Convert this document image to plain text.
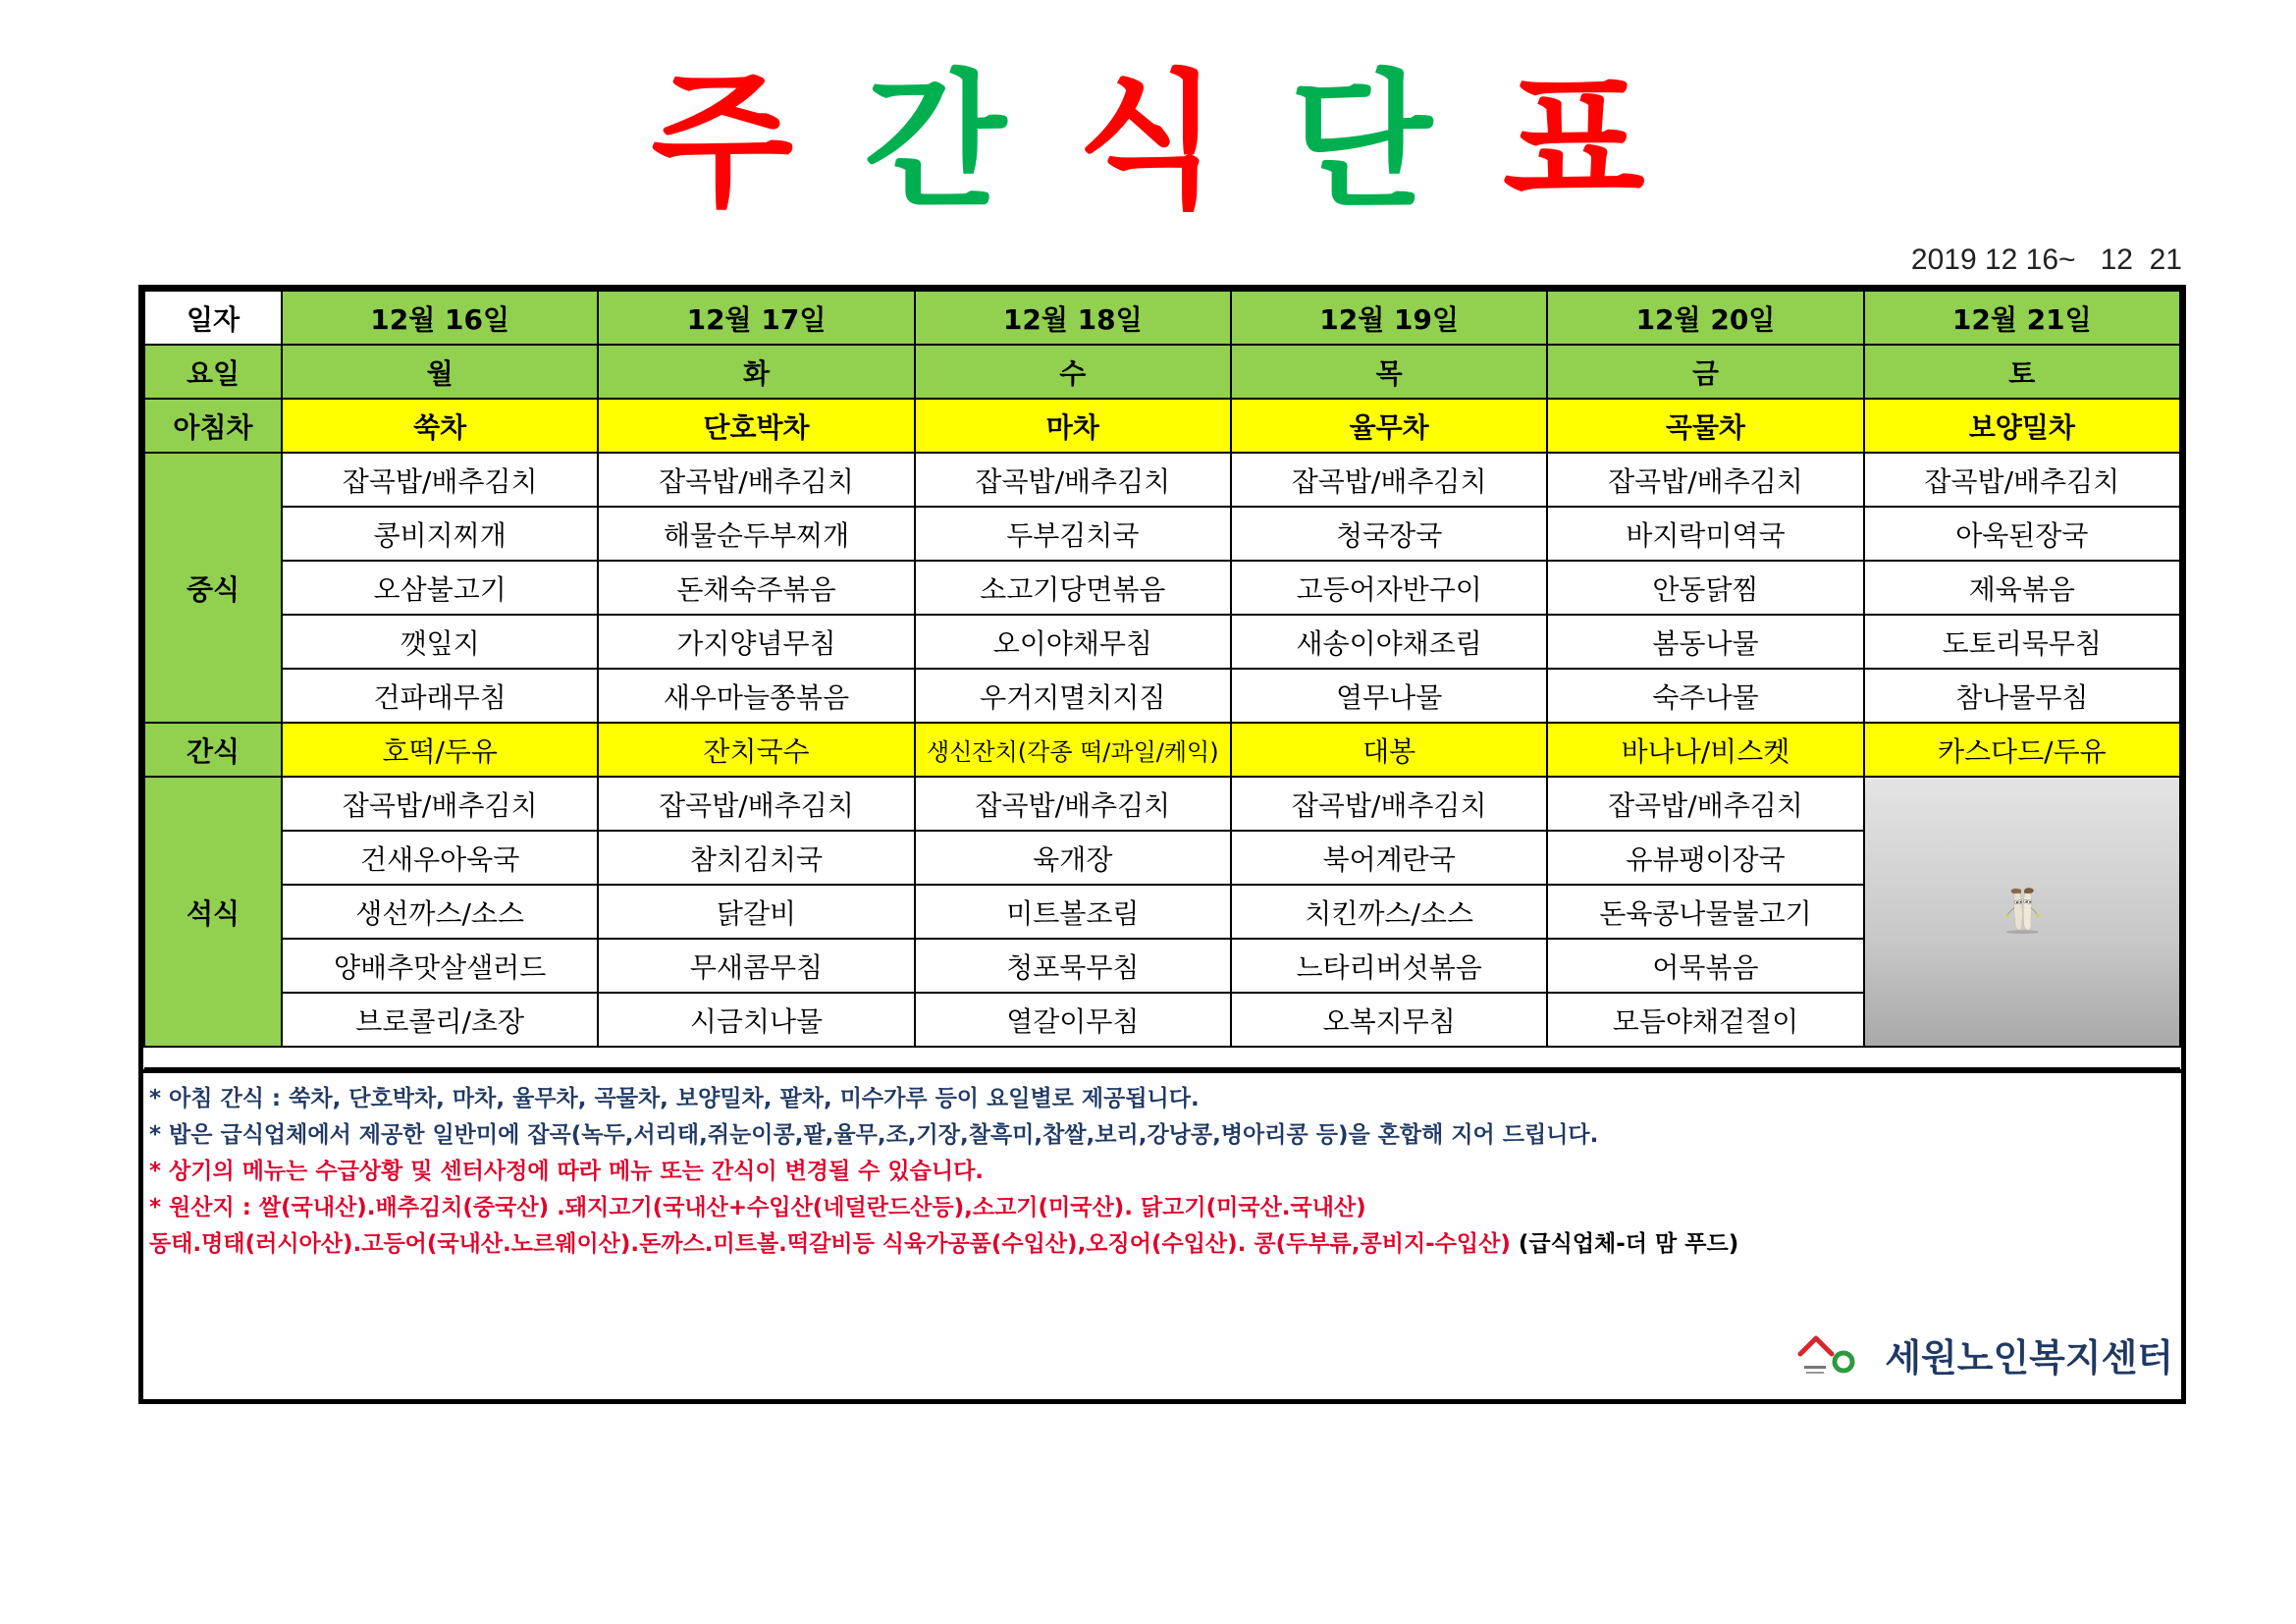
주 간 식 단 표
2019 12 16~   12  21
일자	12월 16일	12월 17일	12월 18일	12월 19일	12월 20일	12월 21일
요일	월	화	수	목	금	토
아침차	쑥차	단호박차	마차	율무차	곡물차	보양밀차
중식	잡곡밥/배추김치	잡곡밥/배추김치	잡곡밥/배추김치	잡곡밥/배추김치	잡곡밥/배추김치	잡곡밥/배추김치
	콩비지찌개	해물순두부찌개	두부김치국	청국장국	바지락미역국	아욱된장국
	오삼불고기	돈채숙주볶음	소고기당면볶음	고등어자반구이	안동닭찜	제육볶음
	깻잎지	가지양념무침	오이야채무침	새송이야채조림	봄동나물	도토리묵무침
	건파래무침	새우마늘쫑볶음	우거지멸치지짐	열무나물	숙주나물	참나물무침
간식	호떡/두유	잔치국수	생신잔치(각종 떡/과일/케익)	대봉	바나나/비스켓	카스다드/두유
석식	잡곡밥/배추김치	잡곡밥/배추김치	잡곡밥/배추김치	잡곡밥/배추김치	잡곡밥/배추김치	
	건새우아욱국	참치김치국	육개장	북어계란국	유뷰팽이장국	
	생선까스/소스	닭갈비	미트볼조림	치킨까스/소스	돈육콩나물불고기	
	양배추맛살샐러드	무새콤무침	청포묵무침	느타리버섯볶음	어묵볶음	
	브로콜리/초장	시금치나물	열갈이무침	오복지무침	모듬야채겉절이	

* 아침 간식 : 쑥차, 단호박차, 마차, 율무차, 곡물차, 보양밀차, 팥차, 미수가루 등이 요일별로 제공됩니다.
* 밥은 급식업체에서 제공한 일반미에 잡곡(녹두,서리태,쥐눈이콩,팥,율무,조,기장,찰흑미,찹쌀,보리,강낭콩,병아리콩 등)을 혼합해 지어 드립니다.
* 상기의 메뉴는 수급상황 및 센터사정에 따라 메뉴 또는 간식이 변경될 수 있습니다.
* 원산지 : 쌀(국내산).배추김치(중국산) .돼지고기(국내산+수입산(네덜란드산등),소고기(미국산). 닭고기(미국산.국내산)
동태.명태(러시아산).고등어(국내산.노르웨이산).돈까스.미트볼.떡갈비등 식육가공품(수입산),오징어(수입산). 콩(두부류,콩비지-수입산) (급식업체-더 맘 푸드)
세원노인복지센터
